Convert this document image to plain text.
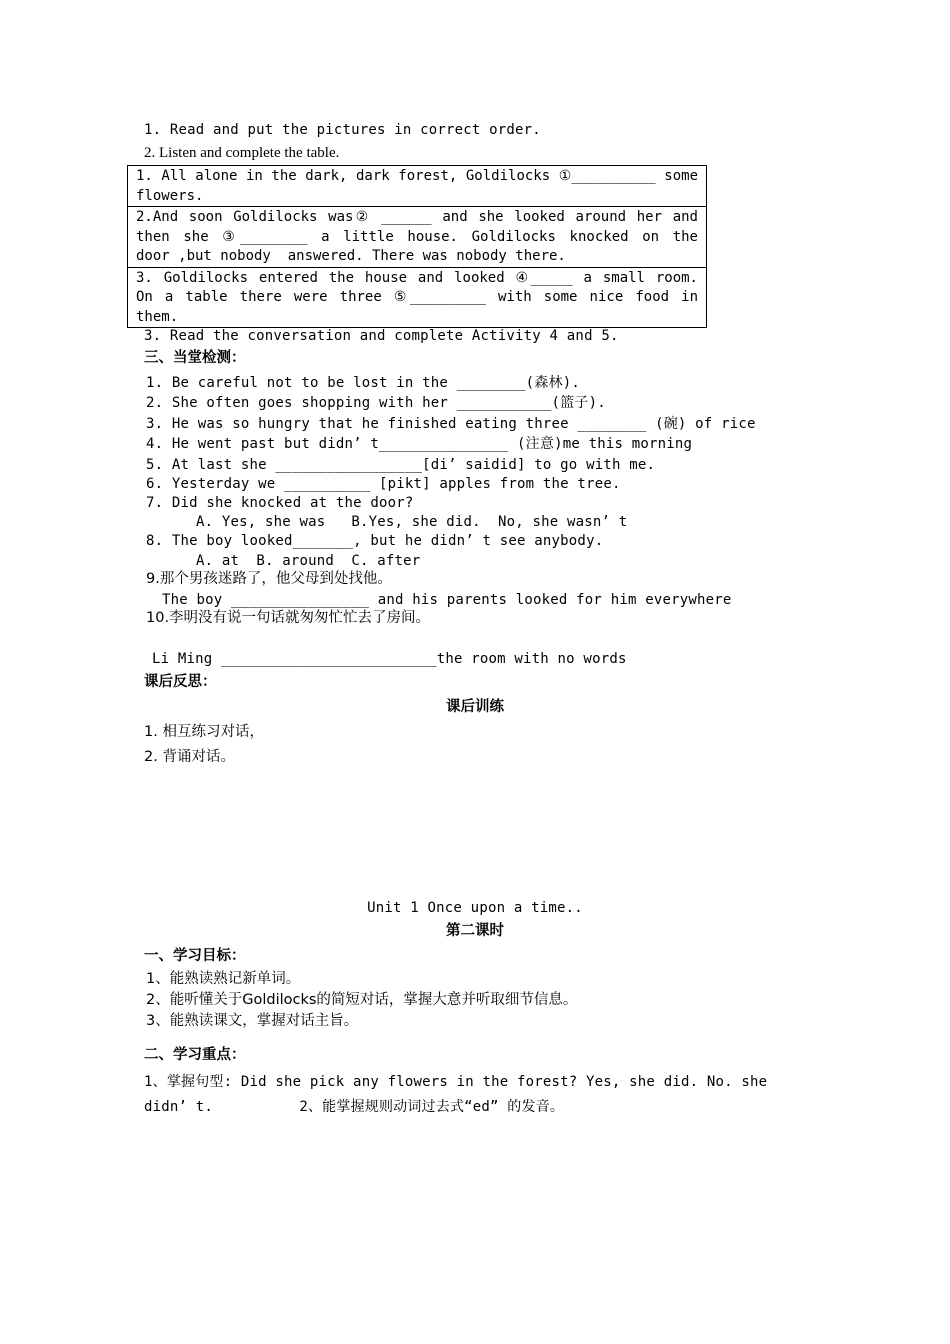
1. Read and put the pictures in correct order.
2. Listen and complete the table.
1. All alone in the dark, dark forest, Goldilocks ①__________ some
flowers.
2.And soon Goldilocks was② ______ and she looked around her and
then she ③________ a little house. Goldilocks knocked on the
door ,but nobody  answered. There was nobody there.
3. Goldilocks entered the house and looked ④_____ a small room.
On a table there were three ⑤_________ with some nice food in
them.
3. Read the conversation and complete Activity 4 and 5.
三、当堂检测：
1. Be careful not to be lost in the ________(森林).
2. She often goes shopping with her ___________(篮子).
3. He was so hungry that he finished eating three ________ (碗) of rice
4. He went past but didn’ t_______________ (注意)me this morning
5. At last she _________________[di’ saidid] to go with me.
6. Yesterday we __________ [pikt] apples from the tree.
7. Did she knocked at the door?
A. Yes, she was   B.Yes, she did.  No, she wasn’ t
8. The boy looked_______, but he didn’ t see anybody.
A. at  B. around  C. after
9.那个男孩迷路了，他父母到处找他。
The boy ________________ and his parents looked for him everywhere
10.李明没有说一句话就匆匆忙忙去了房间。
Li Ming _________________________the room with no words
课后反思：
课后训练
1. 相互练习对话，
2. 背诵对话。
Unit 1 Once upon a time..
第二课时
一、学习目标：
1、能熟读熟记新单词。
2、能听懂关于Goldilocks的简短对话，掌握大意并听取细节信息。
3、能熟读课文，掌握对话主旨。
二、学习重点：
1、掌握句型: Did she pick any flowers in the forest? Yes, she did. No. she
didn’ t.          2、能掌握规则动词过去式“ed” 的发音。
